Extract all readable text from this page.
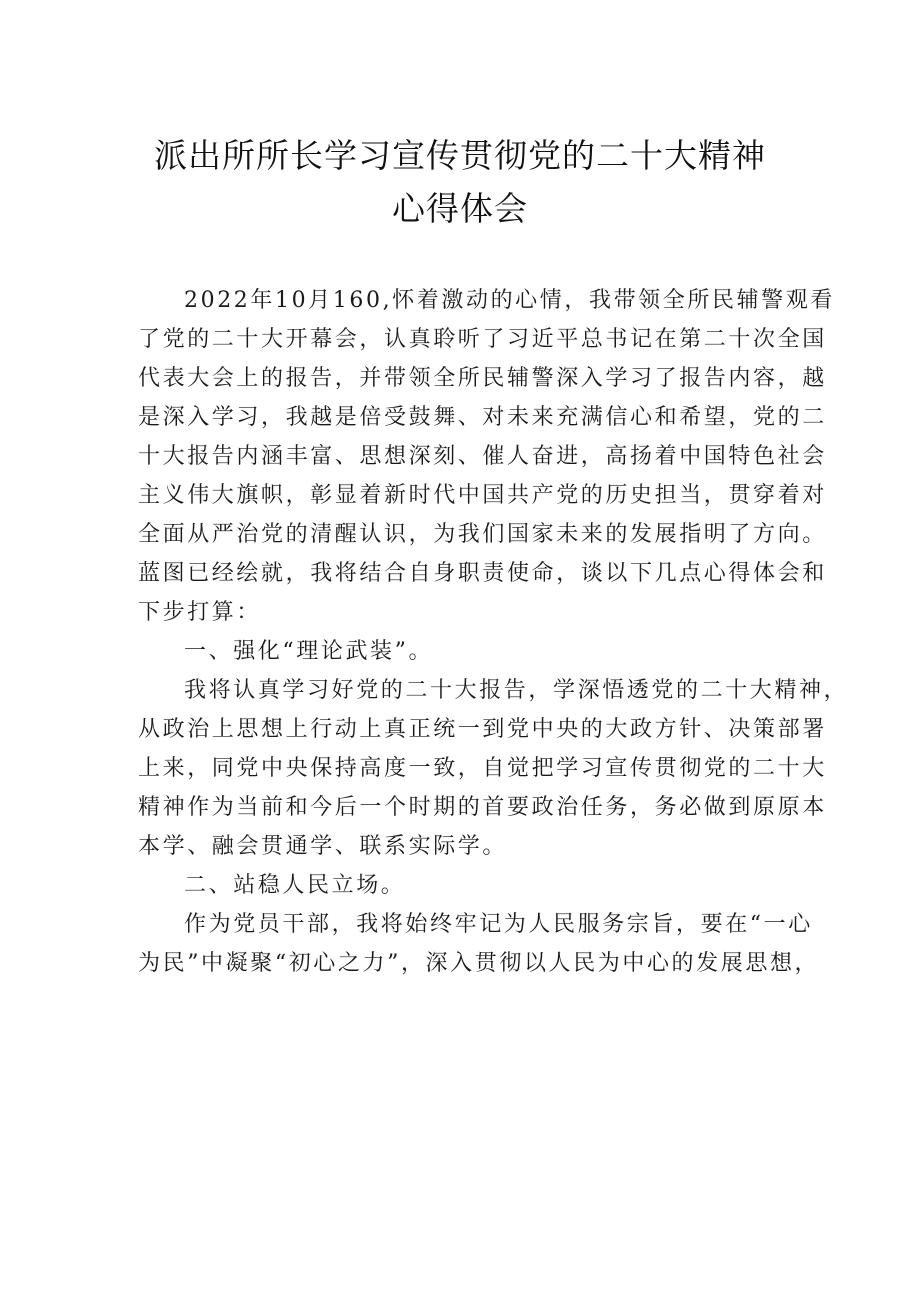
派出所所长学习宣传贯彻党的二十大精神
心得体会
2022年10月160,怀着激动的心情，我带领全所民辅警观看
了党的二十大开幕会，认真聆听了习近平总书记在第二十次全国
代表大会上的报告，并带领全所民辅警深入学习了报告内容，越
是深入学习，我越是倍受鼓舞、对未来充满信心和希望，党的二
十大报告内涵丰富、思想深刻、催人奋进，高扬着中国特色社会
主义伟大旗帜，彰显着新时代中国共产党的历史担当，贯穿着对
全面从严治党的清醒认识，为我们国家未来的发展指明了方向。
蓝图已经绘就，我将结合自身职责使命，谈以下几点心得体会和
下步打算：
一、强化“理论武装”。
我将认真学习好党的二十大报告，学深悟透党的二十大精神，
从政治上思想上行动上真正统一到党中央的大政方针、决策部署
上来，同党中央保持高度一致，自觉把学习宣传贯彻党的二十大
精神作为当前和今后一个时期的首要政治任务，务必做到原原本
本学、融会贯通学、联系实际学。
二、站稳人民立场。
作为党员干部，我将始终牢记为人民服务宗旨，要在“一心
为民”中凝聚“初心之力”，深入贯彻以人民为中心的发展思想，
